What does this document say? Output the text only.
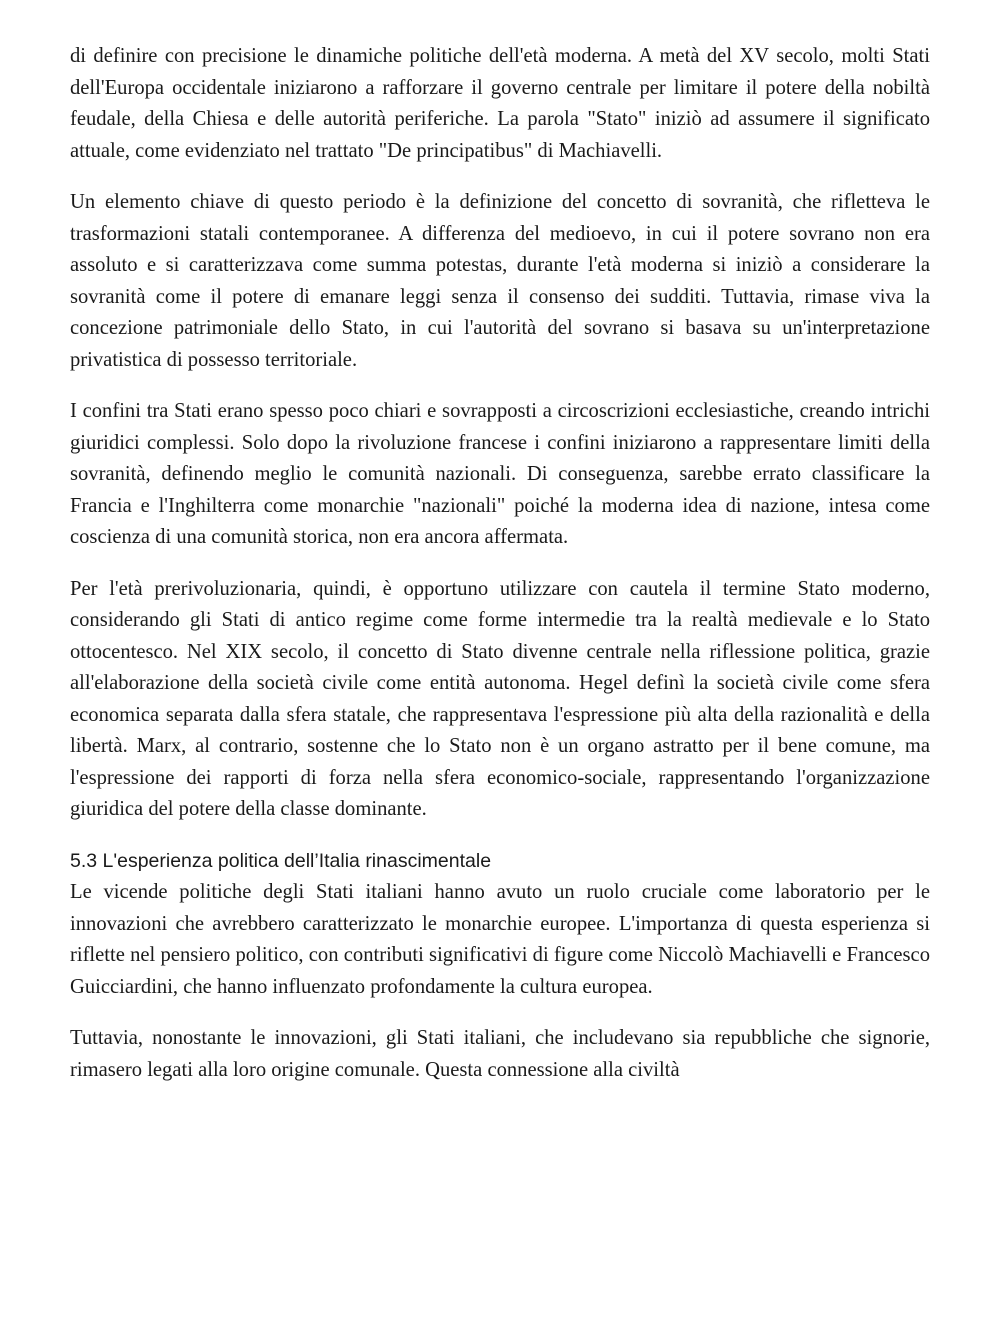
di definire con precisione le dinamiche politiche dell'età moderna. A metà del XV secolo, molti Stati dell'Europa occidentale iniziarono a rafforzare il governo centrale per limitare il potere della nobiltà feudale, della Chiesa e delle autorità periferiche. La parola "Stato" iniziò ad assumere il significato attuale, come evidenziato nel trattato "De principatibus" di Machiavelli.

Un elemento chiave di questo periodo è la definizione del concetto di sovranità, che rifletteva le trasformazioni statali contemporanee. A differenza del medioevo, in cui il potere sovrano non era assoluto e si caratterizzava come summa potestas, durante l'età moderna si iniziò a considerare la sovranità come il potere di emanare leggi senza il consenso dei sudditi. Tuttavia, rimase viva la concezione patrimoniale dello Stato, in cui l'autorità del sovrano si basava su un'interpretazione privatistica di possesso territoriale.

I confini tra Stati erano spesso poco chiari e sovrapposti a circoscrizioni ecclesiastiche, creando intrichi giuridici complessi. Solo dopo la rivoluzione francese i confini iniziarono a rappresentare limiti della sovranità, definendo meglio le comunità nazionali. Di conseguenza, sarebbe errato classificare la Francia e l'Inghilterra come monarchie "nazionali" poiché la moderna idea di nazione, intesa come coscienza di una comunità storica, non era ancora affermata.

Per l'età prerivoluzionaria, quindi, è opportuno utilizzare con cautela il termine Stato moderno, considerando gli Stati di antico regime come forme intermedie tra la realtà medievale e lo Stato ottocentesco. Nel XIX secolo, il concetto di Stato divenne centrale nella riflessione politica, grazie all'elaborazione della società civile come entità autonoma. Hegel definì la società civile come sfera economica separata dalla sfera statale, che rappresentava l'espressione più alta della razionalità e della libertà. Marx, al contrario, sostenne che lo Stato non è un organo astratto per il bene comune, ma l'espressione dei rapporti di forza nella sfera economico-sociale, rappresentando l'organizzazione giuridica del potere della classe dominante.

5.3 L'esperienza politica dell’Italia rinascimentale

Le vicende politiche degli Stati italiani hanno avuto un ruolo cruciale come laboratorio per le innovazioni che avrebbero caratterizzato le monarchie europee. L'importanza di questa esperienza si riflette nel pensiero politico, con contributi significativi di figure come Niccolò Machiavelli e Francesco Guicciardini, che hanno influenzato profondamente la cultura europea.

Tuttavia, nonostante le innovazioni, gli Stati italiani, che includevano sia repubbliche che signorie, rimasero legati alla loro origine comunale. Questa connessione alla civiltà
